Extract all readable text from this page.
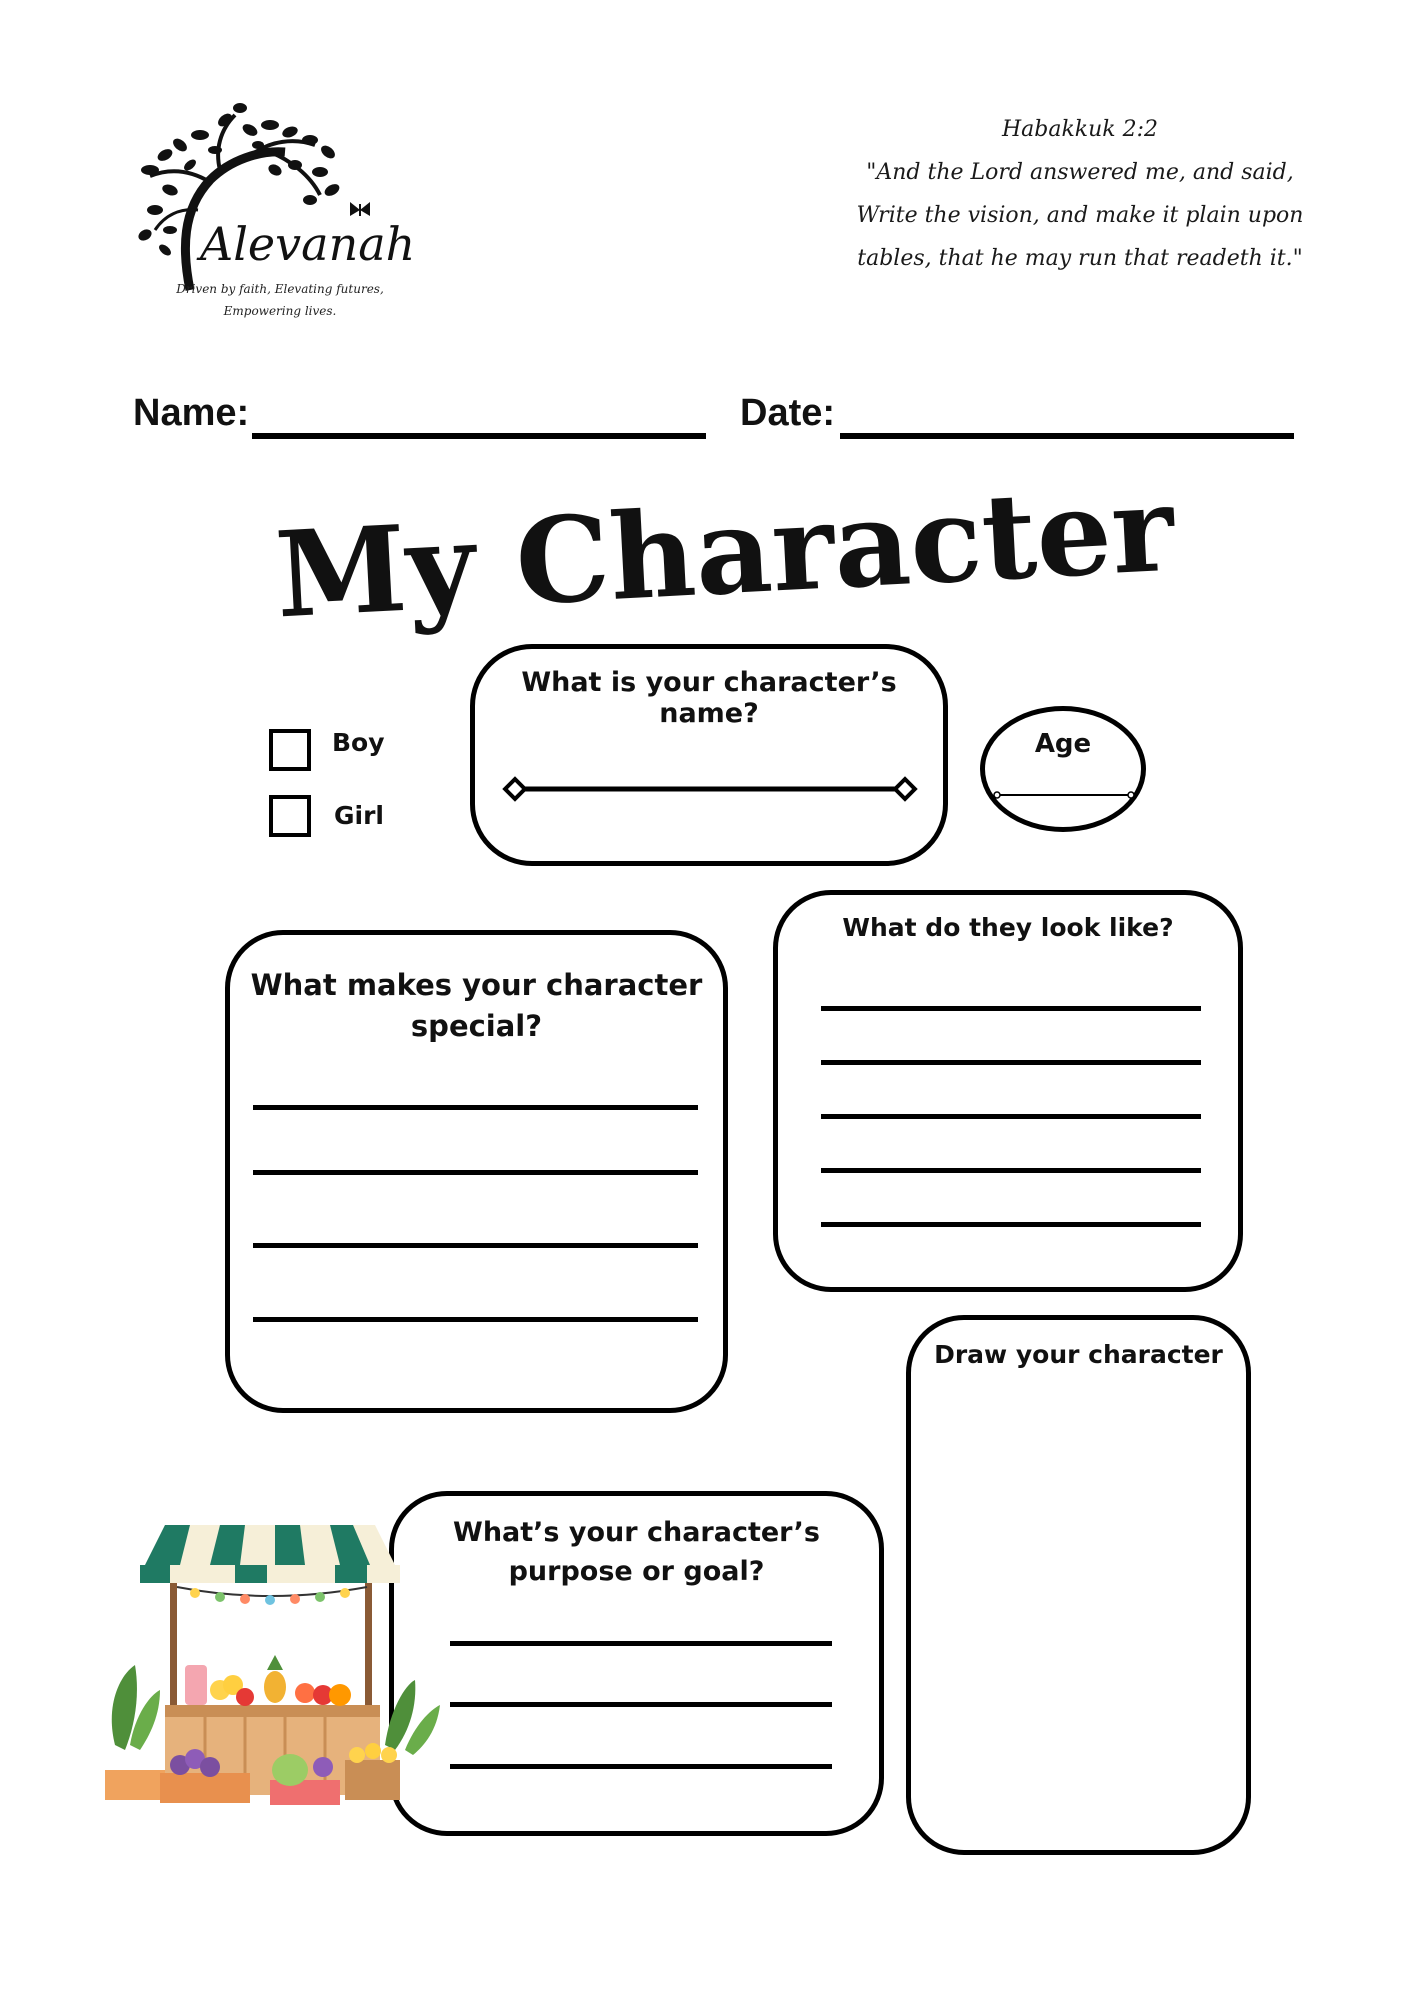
Alevanah
Driven by faith, Elevating futures,
Empowering lives.
Habakkuk 2:2
"And the Lord answered me, and said,
Write the vision, and make it plain upon
tables, that he may run that readeth it."
Name:	Date:
My Character
Boy
Girl
What is your character’s name?
Age
What do they look like?
What makes your character
special?
Draw your character
What’s your character’s
purpose or goal?
